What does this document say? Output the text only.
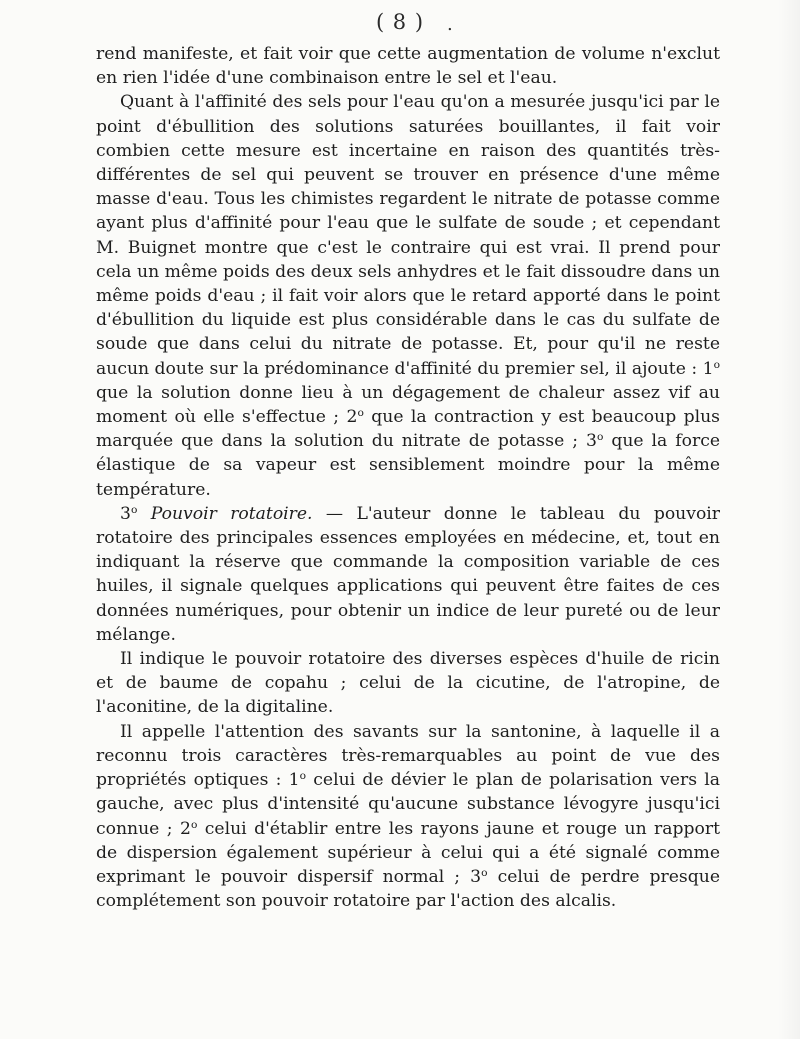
( 8 ) .

rend manifeste, et fait voir que cette augmentation de volume n'exclut en rien l'idée d'une combinaison entre le sel et l'eau.

Quant à l'affinité des sels pour l'eau qu'on a mesurée jusqu'ici par le point d'ébullition des solutions saturées bouillantes, il fait voir combien cette mesure est incertaine en raison des quantités très-différentes de sel qui peuvent se trouver en présence d'une même masse d'eau. Tous les chimistes regardent le nitrate de potasse comme ayant plus d'affinité pour l'eau que le sulfate de soude ; et cependant M. Buignet montre que c'est le contraire qui est vrai. Il prend pour cela un même poids des deux sels anhydres et le fait dissoudre dans un même poids d'eau ; il fait voir alors que le retard apporté dans le point d'ébullition du liquide est plus considérable dans le cas du sulfate de soude que dans celui du nitrate de potasse. Et, pour qu'il ne reste aucun doute sur la prédominance d'affinité du premier sel, il ajoute : 1$^o$ que la solution donne lieu à un dégagement de chaleur assez vif au moment où elle s'effectue ; 2$^o$ que la contraction y est beaucoup plus marquée que dans la solution du nitrate de potasse ; 3$^o$ que la force élastique de sa vapeur est sensiblement moindre pour la même température.

3$^o$ Pouvoir rotatoire. — L'auteur donne le tableau du pouvoir rotatoire des principales essences employées en médecine, et, tout en indiquant la réserve que commande la composition variable de ces huiles, il signale quelques applications qui peuvent être faites de ces données numériques, pour obtenir un indice de leur pureté ou de leur mélange.

Il indique le pouvoir rotatoire des diverses espèces d'huile de ricin et de baume de copahu ; celui de la cicutine, de l'atropine, de l'aconitine, de la digitaline.

Il appelle l'attention des savants sur la santonine, à laquelle il a reconnu trois caractères très-remarquables au point de vue des propriétés optiques : 1$^o$ celui de dévier le plan de polarisation vers la gauche, avec plus d'intensité qu'aucune substance lévogyre jusqu'ici connue ; 2$^o$ celui d'établir entre les rayons jaune et rouge un rapport de dispersion également supérieur à celui qui a été signalé comme exprimant le pouvoir dispersif normal ; 3$^o$ celui de perdre presque complétement son pouvoir rotatoire par l'action des alcalis.
